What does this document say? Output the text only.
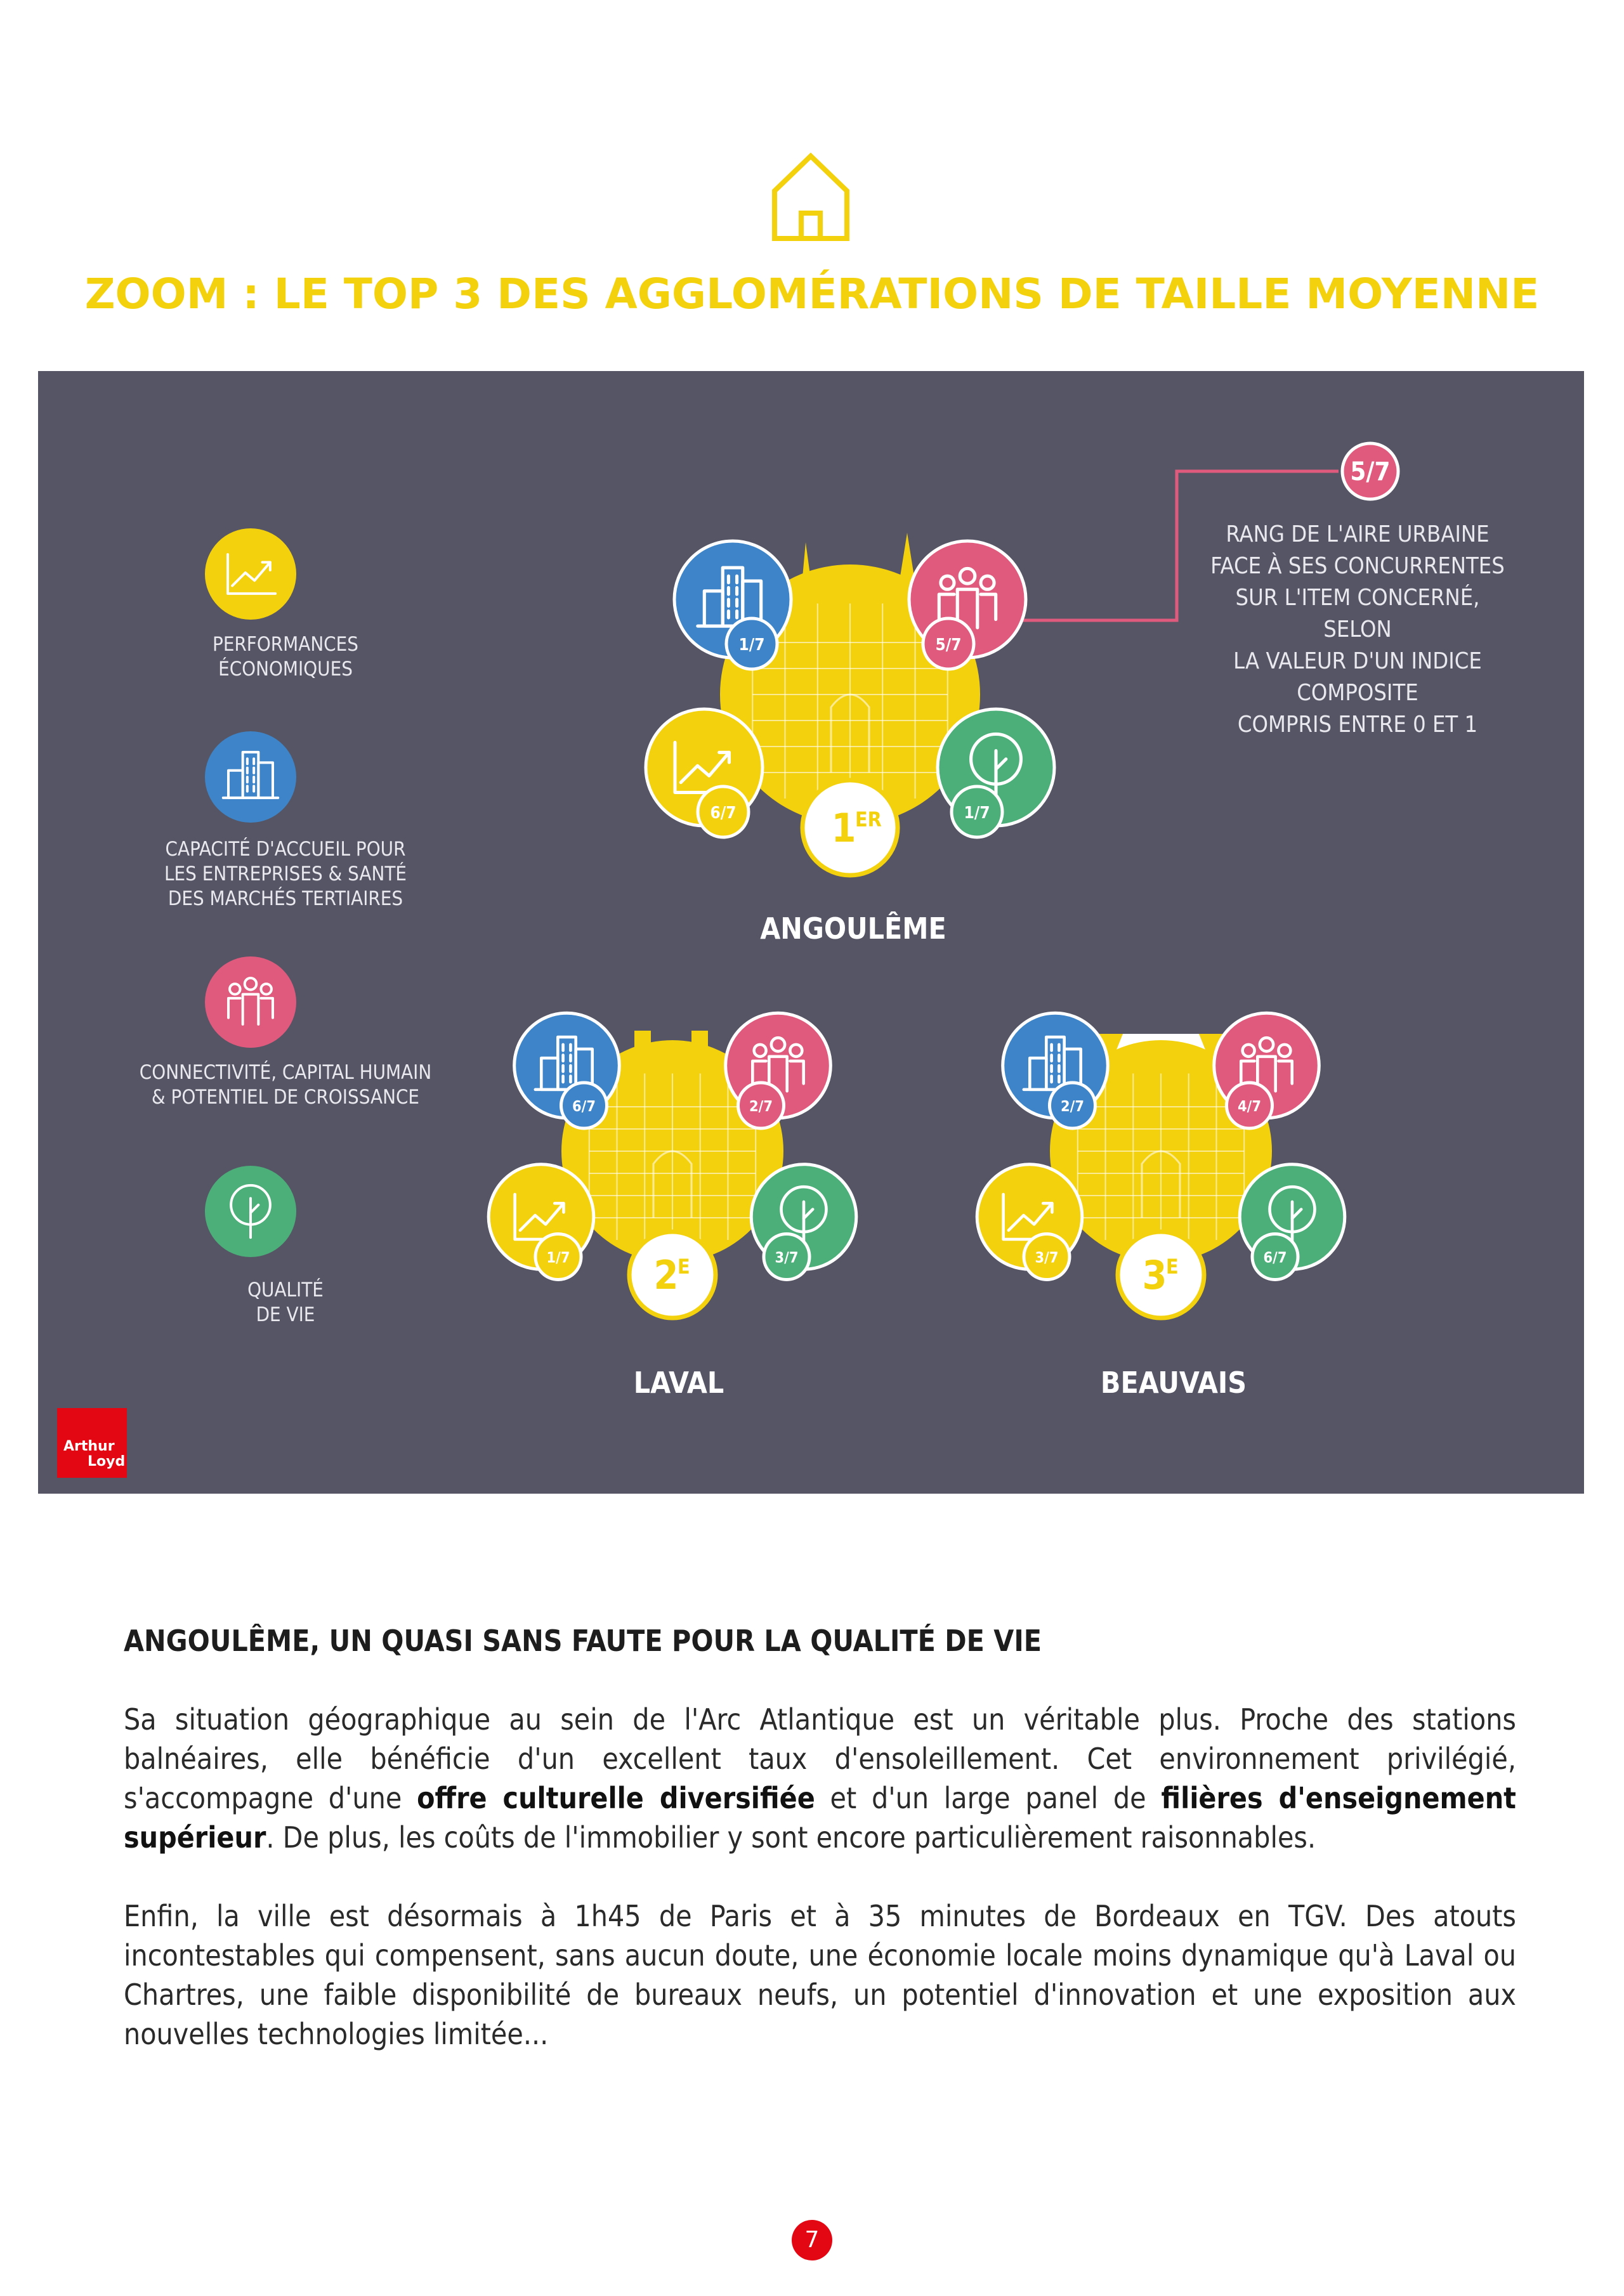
ZOOM : LE TOP 3 DES AGGLOMÉRATIONS DE TAILLE MOYENNE
5/7
1/7	5/7
6/7	1/7
1
ER
6/7	2/7
1/7	3/7
2
E
2/7	4/7
3/7	6/7
3
E
PERFORMANCES
ÉCONOMIQUES
CAPACITÉ D'ACCUEIL POUR
LES ENTREPRISES & SANTÉ
DES MARCHÉS TERTIAIRES
CONNECTIVITÉ, CAPITAL HUMAIN
& POTENTIEL DE CROISSANCE
QUALITÉ
DE VIE
RANG DE L'AIRE URBAINE
FACE À SES CONCURRENTES
SUR L'ITEM CONCERNÉ,
SELON
LA VALEUR D'UN INDICE
COMPOSITE
COMPRIS ENTRE 0 ET 1
ANGOULÊME
LAVAL	BEAUVAIS
Arthur
Loyd
ANGOULÊME, UN QUASI SANS FAUTE POUR LA QUALITÉ DE VIE
Sa situation géographique au sein de l'Arc Atlantique est un véritable plus. Proche des stations balnéaires, elle bénéficie d'un excellent taux d'ensoleillement. Cet environnement privilégié, s'accompagne d'une offre culturelle diversifiée et d'un large panel de filières d'enseignement supérieur. De plus, les coûts de l'immobilier y sont encore particulièrement raisonnables.
Enfin, la ville est désormais à 1h45 de Paris et à 35 minutes de Bordeaux en TGV. Des atouts incontestables qui compensent, sans aucun doute, une économie locale moins dynamique qu'à Laval ou Chartres, une faible disponibilité de bureaux neufs, un potentiel d'innovation et une exposition aux nouvelles technologies limitée...
7
